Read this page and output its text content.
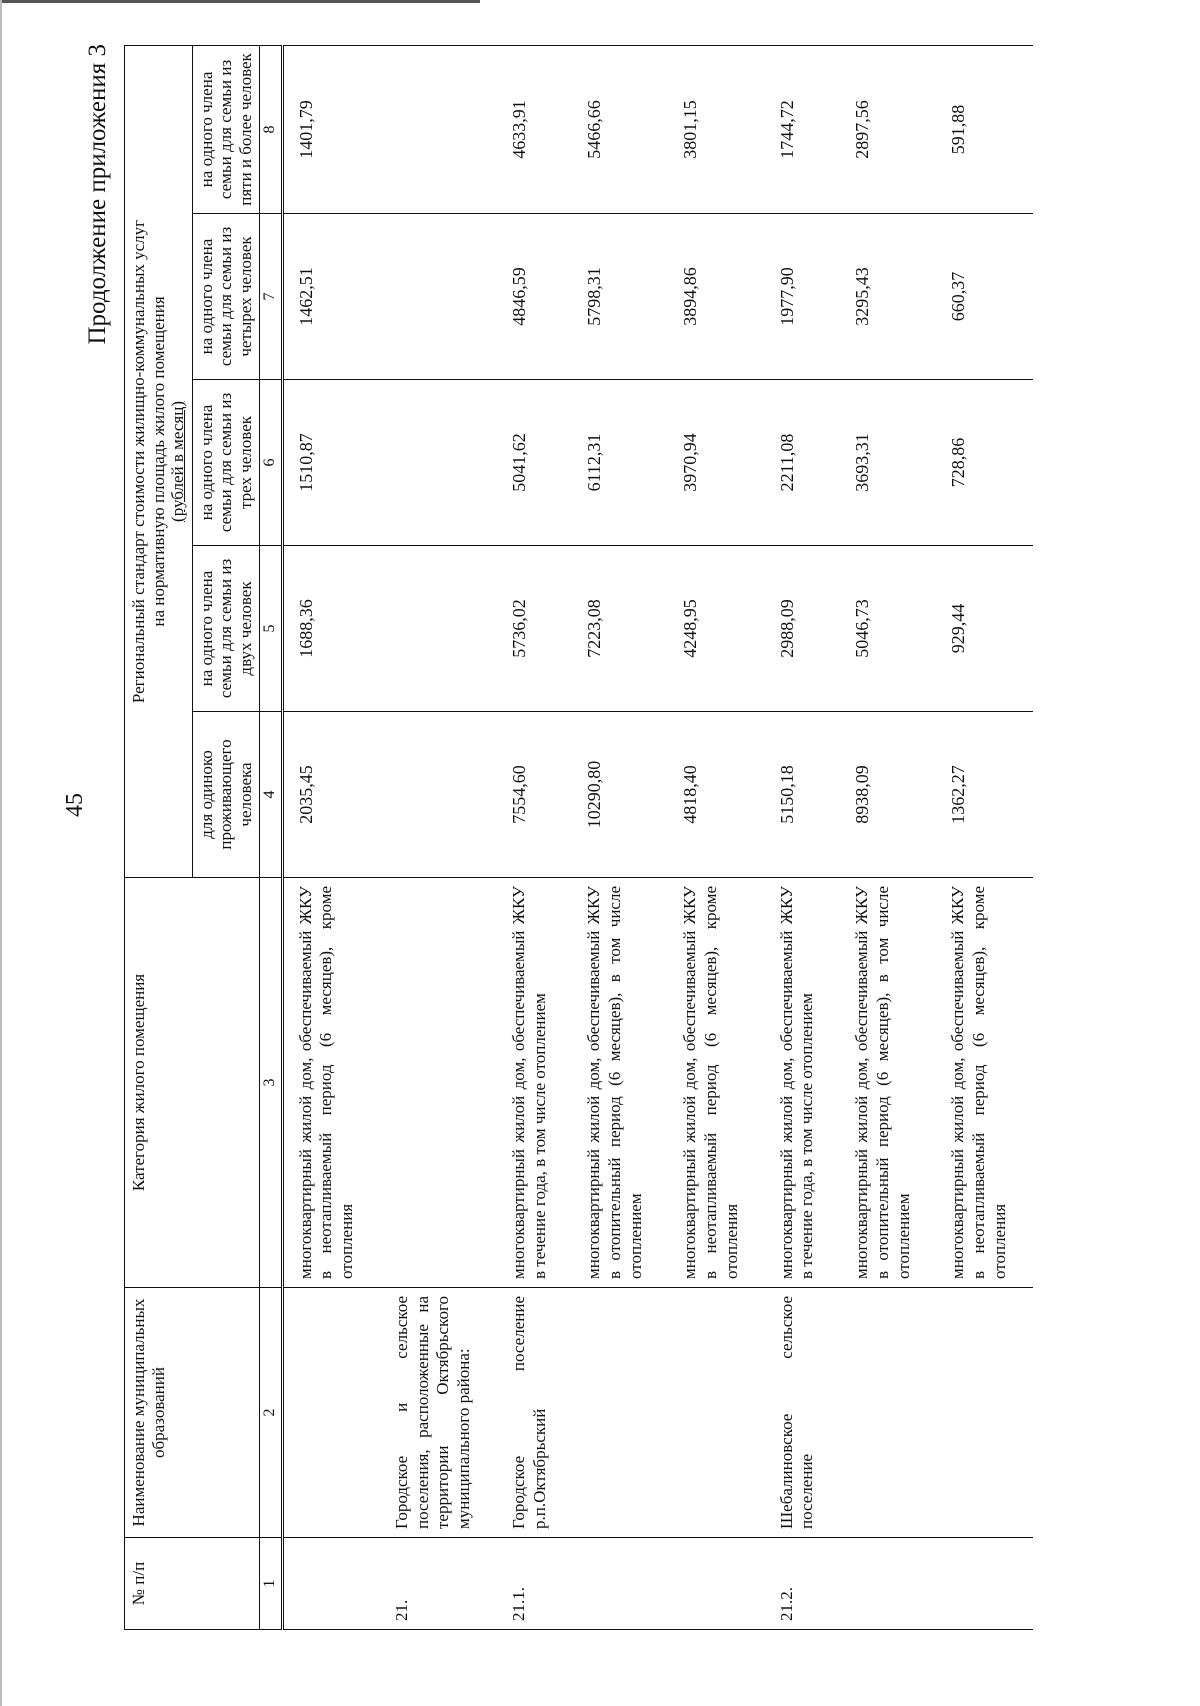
45
Продолжение приложения 3
№ п/п	Наименование муниципальных образований	Категория жилого помещения	Региональный стандарт стоимости жилищно-коммунальных услуг на нормативную площадь жилого помещения (рублей в месяц)				

			для одиноко проживающего человека	на одного члена семьи для семьи из двух человек	на одного члена семьи для семьи из трех человек	на одного члена семьи для семьи из четырех человек	на одного члена семьи для семьи из пяти и более человек
1	2	3	4	5	6	7	8
		многоквартирный жилой дом, обеспечиваемый ЖКУ в неотапливаемый период (6 месяцев), кроме отопления	2035,45	1688,36	1510,87	1462,51	1401,79
21.	Городское и сельское поселения, расположенные на территории Октябрьского муниципального района:						
21.1.	Городское поселение р.п.Октябрьский	многоквартирный жилой дом, обеспечиваемый ЖКУ в течение года, в том числе отоплением	7554,60	5736,02	5041,62	4846,59	4633,91
		многоквартирный жилой дом, обеспечиваемый ЖКУ в отопительный период (6 месяцев), в том числе отоплением	10290,80	7223,08	6112,31	5798,31	5466,66
		многоквартирный жилой дом, обеспечиваемый ЖКУ в неотапливаемый период (6 месяцев), кроме отопления	4818,40	4248,95	3970,94	3894,86	3801,15
21.2.	Шебалиновское сельское поселение	многоквартирный жилой дом, обеспечиваемый ЖКУ в течение года, в том числе отоплением	5150,18	2988,09	2211,08	1977,90	1744,72
		многоквартирный жилой дом, обеспечиваемый ЖКУ в отопительный период (6 месяцев), в том числе отоплением	8938,09	5046,73	3693,31	3295,43	2897,56
		многоквартирный жилой дом, обеспечиваемый ЖКУ в неотапливаемый период (6 месяцев), кроме отопления	1362,27	929,44	728,86	660,37	591,88
